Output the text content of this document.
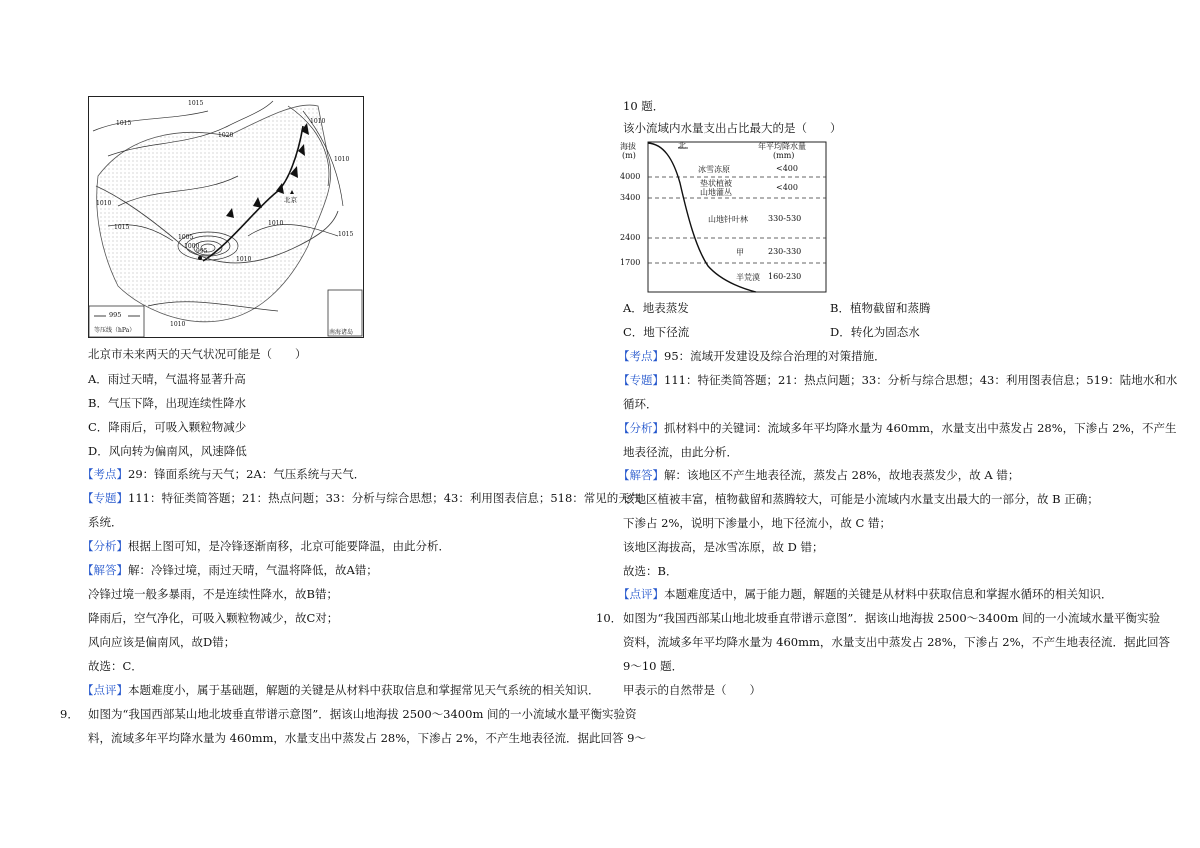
1015
1015
1010
1020
1010
1010
1015
1005
1000
995
1010
1010
1010
1015
北京
995
等压线（hPa）	南海诸岛
北京市未来两天的天气状况可能是（　　）
A．雨过天晴，气温将显著升高
B．气压下降，出现连续性降水
C．降雨后，可吸入颗粒物减少
D．风向转为偏南风，风速降低
【考点】29：锋面系统与天气；2A：气压系统与天气．
【专题】111：特征类简答题；21：热点问题；33：分析与综合思想；43：利用图表信息；518：常见的天气
系统．
【分析】根据上图可知，是冷锋逐渐南移，北京可能要降温，由此分析．
【解答】解：冷锋过境，雨过天晴，气温将降低，故A错；
冷锋过境一般多暴雨，不是连续性降水，故B错；
降雨后，空气净化，可吸入颗粒物减少，故C对；
风向应该是偏南风，故D错；
故选：C．
【点评】本题难度小，属于基础题，解题的关键是从材料中获取信息和掌握常见天气系统的相关知识．
9． 如图为“我国西部某山地北坡垂直带谱示意图”．据该山地海拔 2500～3400m 间的一小流域水量平衡实验资
料，流域多年平均降水量为 460mm，水量支出中蒸发占 28%，下渗占 2%，不产生地表径流．据此回答 9～
10 题．
该小流域内水量支出占比最大的是（　　）
海拔
(m)
4000
3400
2400
1700
北	年平均降水量
(mm)
冰雪冻原	<400
垫状植被
山地灌丛
<400
山地针叶林	330-530
甲	230-330
半荒漠 160-230
A．地表蒸发	B．植物截留和蒸腾
C．地下径流	D．转化为固态水
【考点】95：流域开发建设及综合治理的对策措施．
【专题】111：特征类简答题；21：热点问题；33：分析与综合思想；43：利用图表信息；519：陆地水和水
循环．
【分析】抓材料中的关键词：流域多年平均降水量为 460mm，水量支出中蒸发占 28%，下渗占 2%，不产生
地表径流，由此分析．
【解答】解：该地区不产生地表径流，蒸发占 28%，故地表蒸发少，故 A 错；
该地区植被丰富，植物截留和蒸腾较大，可能是小流域内水量支出最大的一部分，故 B 正确；
下渗占 2%，说明下渗量小，地下径流小，故 C 错；
该地区海拔高，是冰雪冻原，故 D 错；
故选：B．
【点评】本题难度适中，属于能力题，解题的关键是从材料中获取信息和掌握水循环的相关知识．
10．如图为“我国西部某山地北坡垂直带谱示意图”．据该山地海拔 2500～3400m 间的一小流域水量平衡实验
资料，流域多年平均降水量为 460mm，水量支出中蒸发占 28%，下渗占 2%，不产生地表径流．据此回答
9～10 题．
甲表示的自然带是（　　）
